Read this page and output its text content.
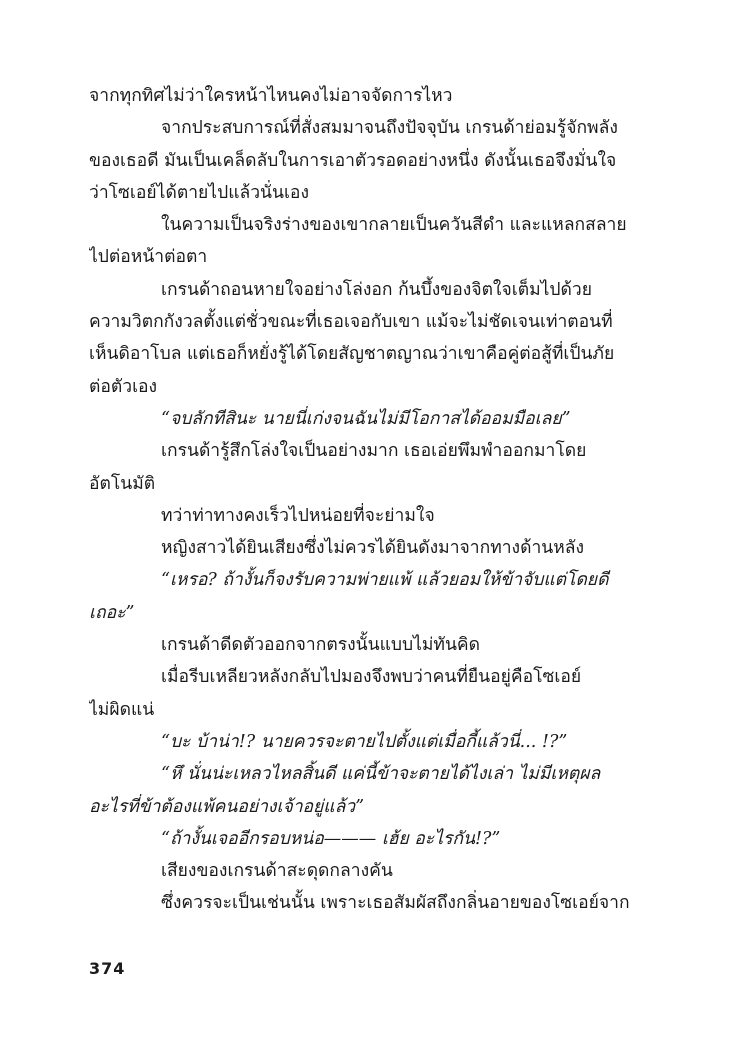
จากทุกทิศไม่ว่าใครหน้าไหนคงไม่อาจจัดการไหว
จากประสบการณ์ที่สั่งสมมาจนถึงปัจจุบัน เกรนด้าย่อมรู้จักพลัง
ของเธอดี มันเป็นเคล็ดลับในการเอาตัวรอดอย่างหนึ่ง ดังนั้นเธอจึงมั่นใจ
ว่าโซเอย์ได้ตายไปแล้วนั่นเอง
ในความเป็นจริงร่างของเขากลายเป็นควันสีดำ และแหลกสลาย
ไปต่อหน้าต่อตา
เกรนด้าถอนหายใจอย่างโล่งอก ก้นบึ้งของจิตใจเต็มไปด้วย
ความวิตกกังวลตั้งแต่ชั่วขณะที่เธอเจอกับเขา แม้จะไม่ชัดเจนเท่าตอนที่
เห็นดิอาโบล แต่เธอก็หยั่งรู้ได้โดยสัญชาตญาณว่าเขาคือคู่ต่อสู้ที่เป็นภัย
ต่อตัวเอง
“จบลักทีสินะ นายนี่เก่งจนฉันไม่มีโอกาสได้ออมมือเลย”
เกรนด้ารู้สึกโล่งใจเป็นอย่างมาก เธอเอ่ยพึมพำออกมาโดย
อัตโนมัติ
ทว่าท่าทางคงเร็วไปหน่อยที่จะย่ามใจ
หญิงสาวได้ยินเสียงซึ่งไม่ควรได้ยินดังมาจากทางด้านหลัง
“เหรอ? ถ้างั้นก็จงรับความพ่ายแพ้ แล้วยอมให้ข้าจับแต่โดยดี
เถอะ”
เกรนด้าดีดตัวออกจากตรงนั้นแบบไม่ทันคิด
เมื่อรีบเหลียวหลังกลับไปมองจึงพบว่าคนที่ยืนอยู่คือโซเอย์
ไม่ผิดแน่
“บะ บ้าน่า!? นายควรจะตายไปตั้งแต่เมื่อกี้แล้วนี่... !?”
“หึ นั่นน่ะเหลวไหลสิ้นดี แค่นี้ข้าจะตายได้ไงเล่า ไม่มีเหตุผล
อะไรที่ข้าต้องแพ้คนอย่างเจ้าอยู่แล้ว”
“ถ้างั้นเจออีกรอบหน่อ——— เฮ้ย อะไรกัน!?”
เสียงของเกรนด้าสะดุดกลางคัน
ซึ่งควรจะเป็นเช่นนั้น เพราะเธอสัมผัสถึงกลิ่นอายของโซเอย์จาก
374
